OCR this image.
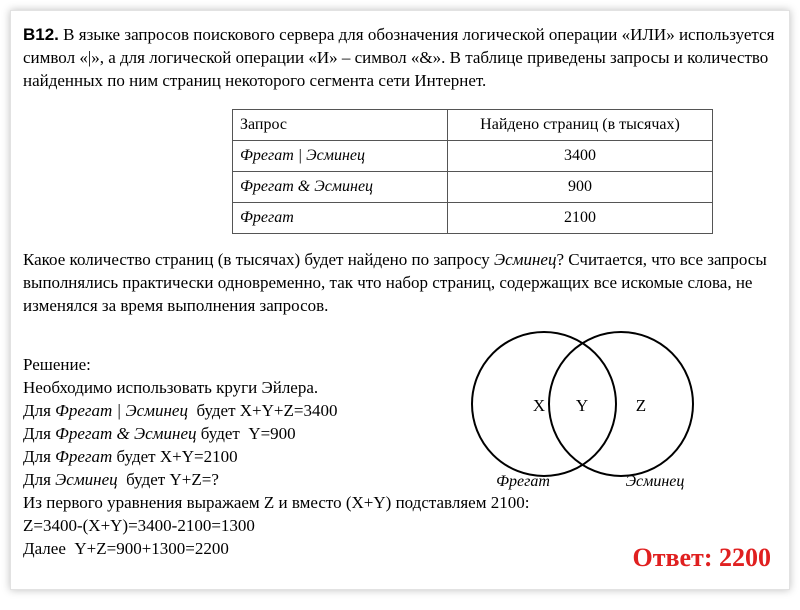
В12. В языке запросов поискового сервера для обозначения логической операции «ИЛИ» используется символ «|», а для логической операции «И» – символ «&». В таблице приведены запросы и количество найденных по ним страниц некоторого сегмента сети Интернет.
Запрос	Найдено страниц (в тысячах)
Фрегат | Эсминец	3400
Фрегат & Эсминец	900
Фрегат	2100
Какое количество страниц (в тысячах) будет найдено по запросу Эсминец? Считается, что все запросы выполнялись практически одновременно, так что набор страниц, содержащих все искомые слова, не изменялся за время выполнения запросов.
Решение:
Необходимо использовать круги Эйлера.
Для Фрегат | Эсминец  будет X+Y+Z=3400
Для Фрегат & Эсминец будет  Y=900
Для Фрегат будет X+Y=2100
Для Эсминец  будет Y+Z=?
Из первого уравнения выражаем Z и вместо (X+Y) подставляем 2100:
Z=3400-(X+Y)=3400-2100=1300
Далее  Y+Z=900+1300=2200
X Y	Z
Фрегат	Эсминец
Ответ: 2200
